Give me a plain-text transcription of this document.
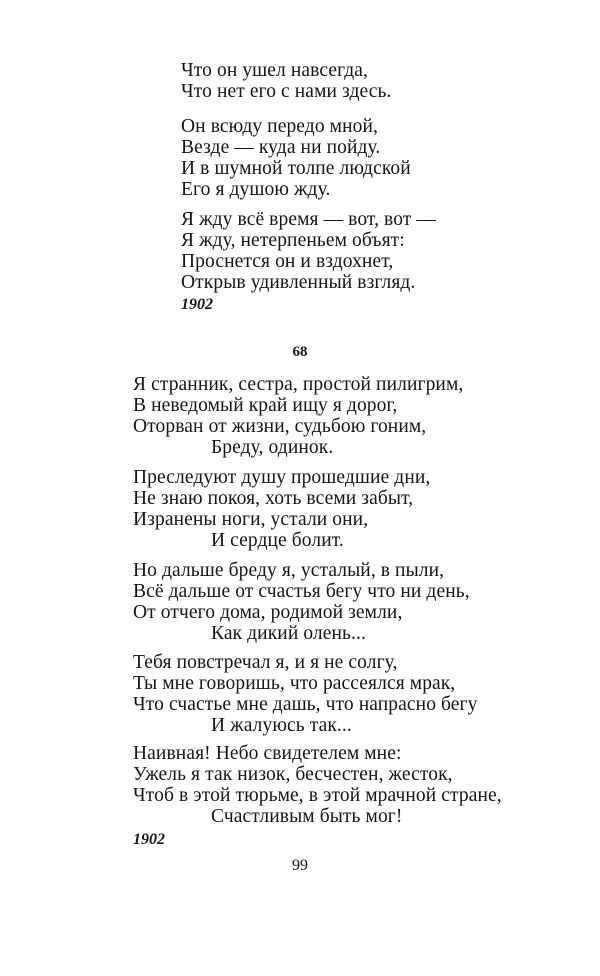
Что он ушел навсегда,
Что нет его с нами здесь.
Он всюду передо мной,
Везде — куда ни пойду.
И в шумной толпе людской
Его я душою жду.
Я жду всё время — вот, вот —
Я жду, нетерпеньем объят:
Проснется он и вздохнет,
Открыв удивленный взгляд.
1902
68
Я странник, сестра, простой пилигрим,
В неведомый край ищу я дорог,
Оторван от жизни, судьбою гоним,
Бреду, одинок.
Преследуют душу прошедшие дни,
Не знаю покоя, хоть всеми забыт,
Изранены ноги, устали они,
И сердце болит.
Но дальше бреду я, усталый, в пыли,
Всё дальше от счастья бегу что ни день,
От отчего дома, родимой земли,
Как дикий олень...
Тебя повстречал я, и я не солгу,
Ты мне говоришь, что рассеялся мрак,
Что счастье мне дашь, что напрасно бегу
И жалуюсь так...
Наивная! Небо свидетелем мне:
Ужель я так низок, бесчестен, жесток,
Чтоб в этой тюрьме, в этой мрачной стране,
Счастливым быть мог!
1902
99
